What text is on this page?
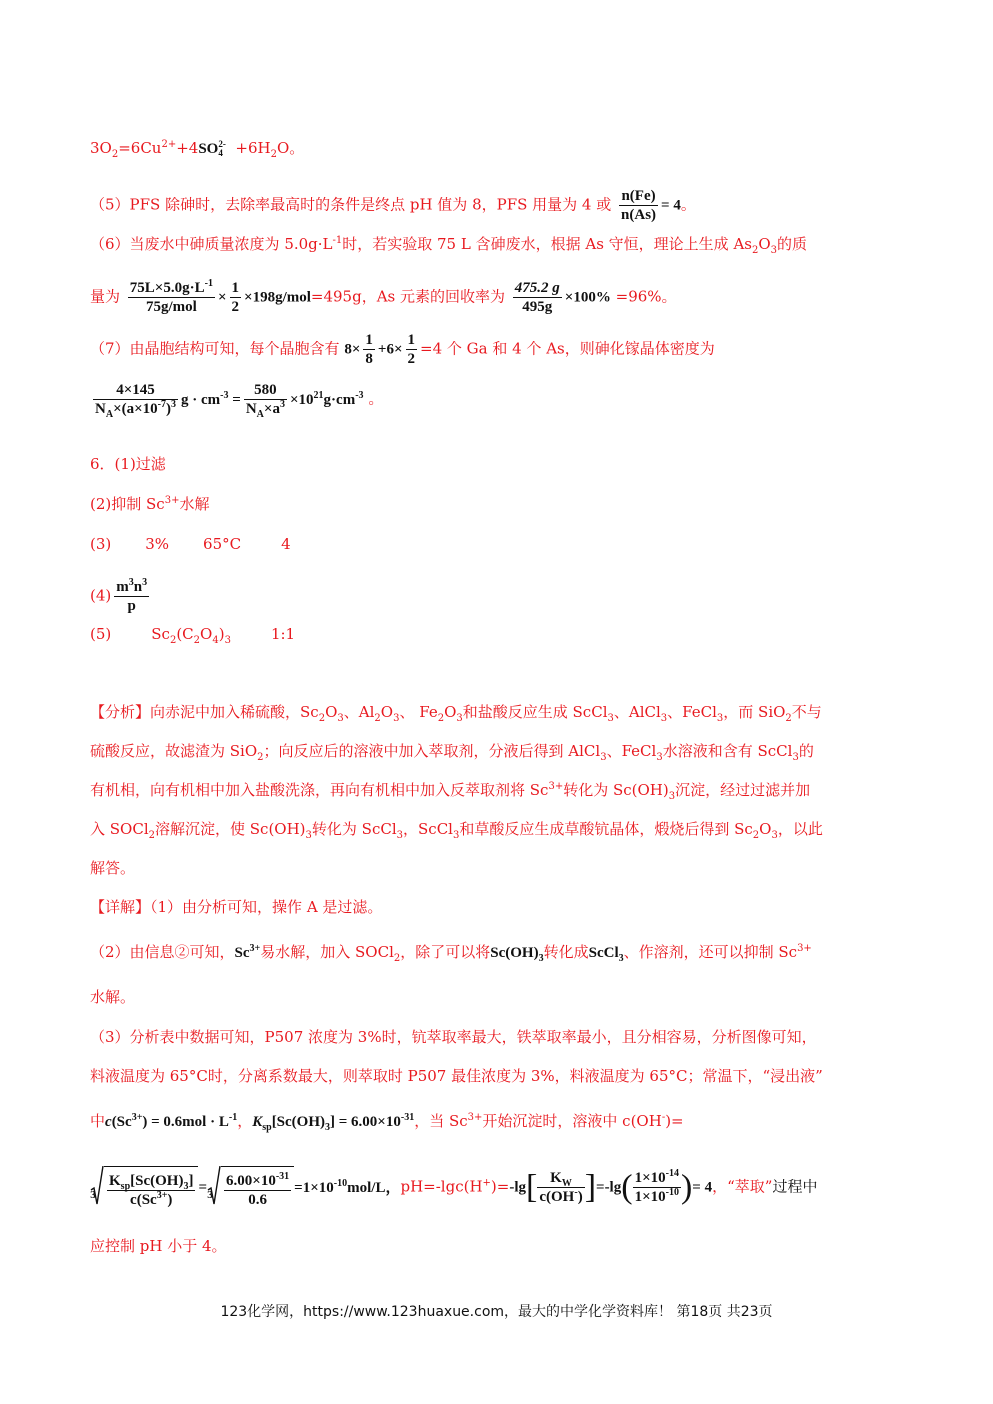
$3O_2=6Cu^{2+}+4SO$ 2-
$4 +6H_2O$。
（5）PFS 除砷时，去除率最高时的条件是终点 pH 值为 8，PFS 用量为 4 或 $\frac{n(Fe)}{n(As)} = 4$。
（6）当废水中砷质量浓度为 $5.0g\cdot L^{-1}$时，若实验取 75 L 含砷废水，根据 As 守恒，理论上生成 $As_2O_3$的质
量为 $\frac{75L\times 5.0g\cdot L^{-1}}{\text{75g/mol}} \times \frac{1}{2} \times 198g/mol=495g$，As 元素的回收率为 $\frac{475.2 g}{495g} \times 100\% =96\%$。
（7）由晶胞结构可知，每个晶胞含有 $8\times \frac{1}{8} +6\times \frac{1}{2} =4$ 个 Ga 和 4 个 As，则砷化镓晶体密度为
$\frac{4\times 145}{N_A\times(a\times 10^{-7})^3}$ $g \cdot cm^{-3} = \frac{580}{N_A\times a^3} \times 10^{21}g\cdot cm^{-3}$ 。
6．(1)过滤
(2)抑制 $Sc^{3+}$水解
(3) 3% 65°C	4
$(4) \frac{m^3n^3}{p}$
(5)	$Sc_2(C_2O_4)_3$	1:1
【分析】向赤泥中加入稀硫酸，$Sc_2O_3$、$Al_2O_3$、 $Fe_2O_3$和盐酸反应生成 ScCl$_3$、AlCl$_3$、FeCl$_3$，而 SiO$_2$不与
硫酸反应，故滤渣为 SiO$_2$；向反应后的溶液中加入萃取剂，分液后得到 AlCl$_3$、FeCl$_3$水溶液和含有 ScCl$_3$的
有机相，向有机相中加入盐酸洗涤，再向有机相中加入反萃取剂将 $Sc^{3+}$转化为 $Sc(OH)_3$沉淀，经过过滤并加
入 SOCl$_2$溶解沉淀，使 $Sc(OH)_3$转化为 ScCl$_3$，ScCl$_3$和草酸反应生成草酸钪晶体，煅烧后得到 $Sc_2O_3$，以此
解答。
【详解】（1）由分析可知，操作 A 是过滤。
（2）由信息②可知，$Sc^{3+}$易水解，加入 SOCl$_2$，除了可以将$Sc(OH)_3$转化成ScCl$_3$、作溶剂，还可以抑制 $Sc^{3+}$
水解。
（3）分析表中数据可知，P507 浓度为 3%时，钪萃取率最大，铁萃取率最小，且分相容易，分析图像可知，
料液温度为 65°C时，分离系数最大，则萃取时 P507 最佳浓度为 3%，料液温度为 65°C；常温下，“浸出液”
中$c(Sc^{3+}) = 0.6mol \cdot L^{-1}$，$K_{sp}[Sc(OH)_3] = 6.00\times 10^{-31}$，当 $Sc^{3+}$开始沉淀时，溶液中 c(OH-)=
$3 \frac{K_{sp}[Sc(OH)_3]}{c(Sc^{3+})}$ =
$3 \frac{6.00\times 10^{-31}}{0.6} =1\times 10^{-10}mol/L$，$pH=-\lg c(H^+)=-\lg[ \frac{K_W}{c(OH^-)} ]=-\lg( \frac{1\times 10^{-14}}{1\times 10^{-10}}$ )= 4，“萃取”过程中
应控制 pH 小于 4。
123化学网，https://www.123huaxue.com，最大的中学化学资料库！ 第18页 共23页
